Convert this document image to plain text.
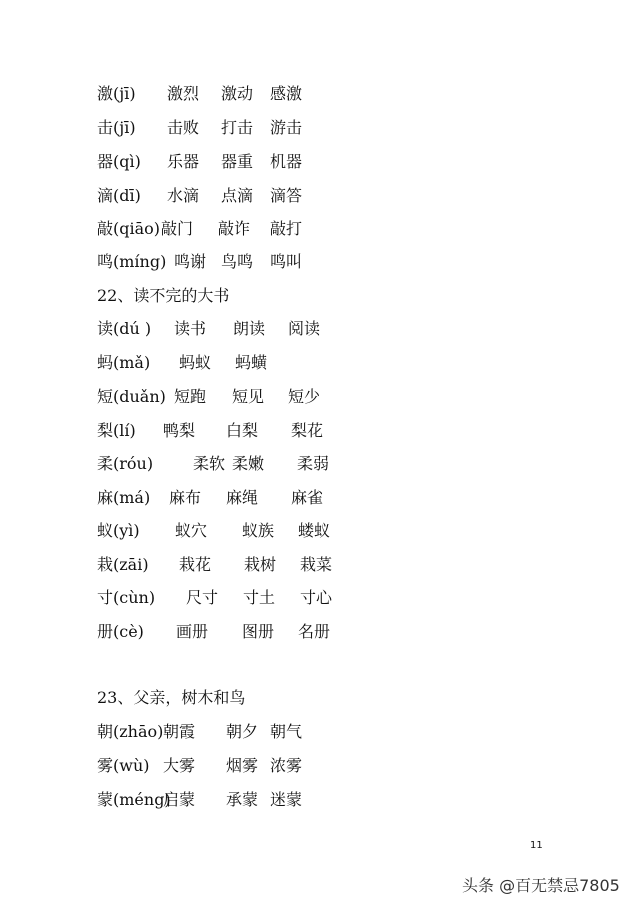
激(jī) 激烈 激动 感激
击(jī) 击败 打击 游击
器(qì) 乐器 器重 机器
滴(dī) 水滴 点滴 滴答
敲(qiāo) 敲门 敲诈 敲打
鸣(míng) 鸣谢 鸟鸣 鸣叫
22、读不完的大书
读(dú ) 读书 朗读 阅读
蚂(mǎ) 蚂蚁 蚂蟥
短(duǎn) 短跑 短见 短少
梨(lí) 鸭梨 白梨 梨花
柔(róu) 柔软 柔嫩 柔弱
麻(má) 麻布 麻绳 麻雀
蚁(yì) 蚁穴 蚁族 蝼蚁
栽(zāi) 栽花 栽树 栽菜
寸(cùn) 尺寸 寸土 寸心
册(cè) 画册 图册 名册
23、父亲，树木和鸟
朝(zhāo) 朝霞 朝夕 朝气
雾(wù) 大雾 烟雾 浓雾
蒙(méng)
启蒙 承蒙 迷蒙
11
头条 @百无禁忌7805
